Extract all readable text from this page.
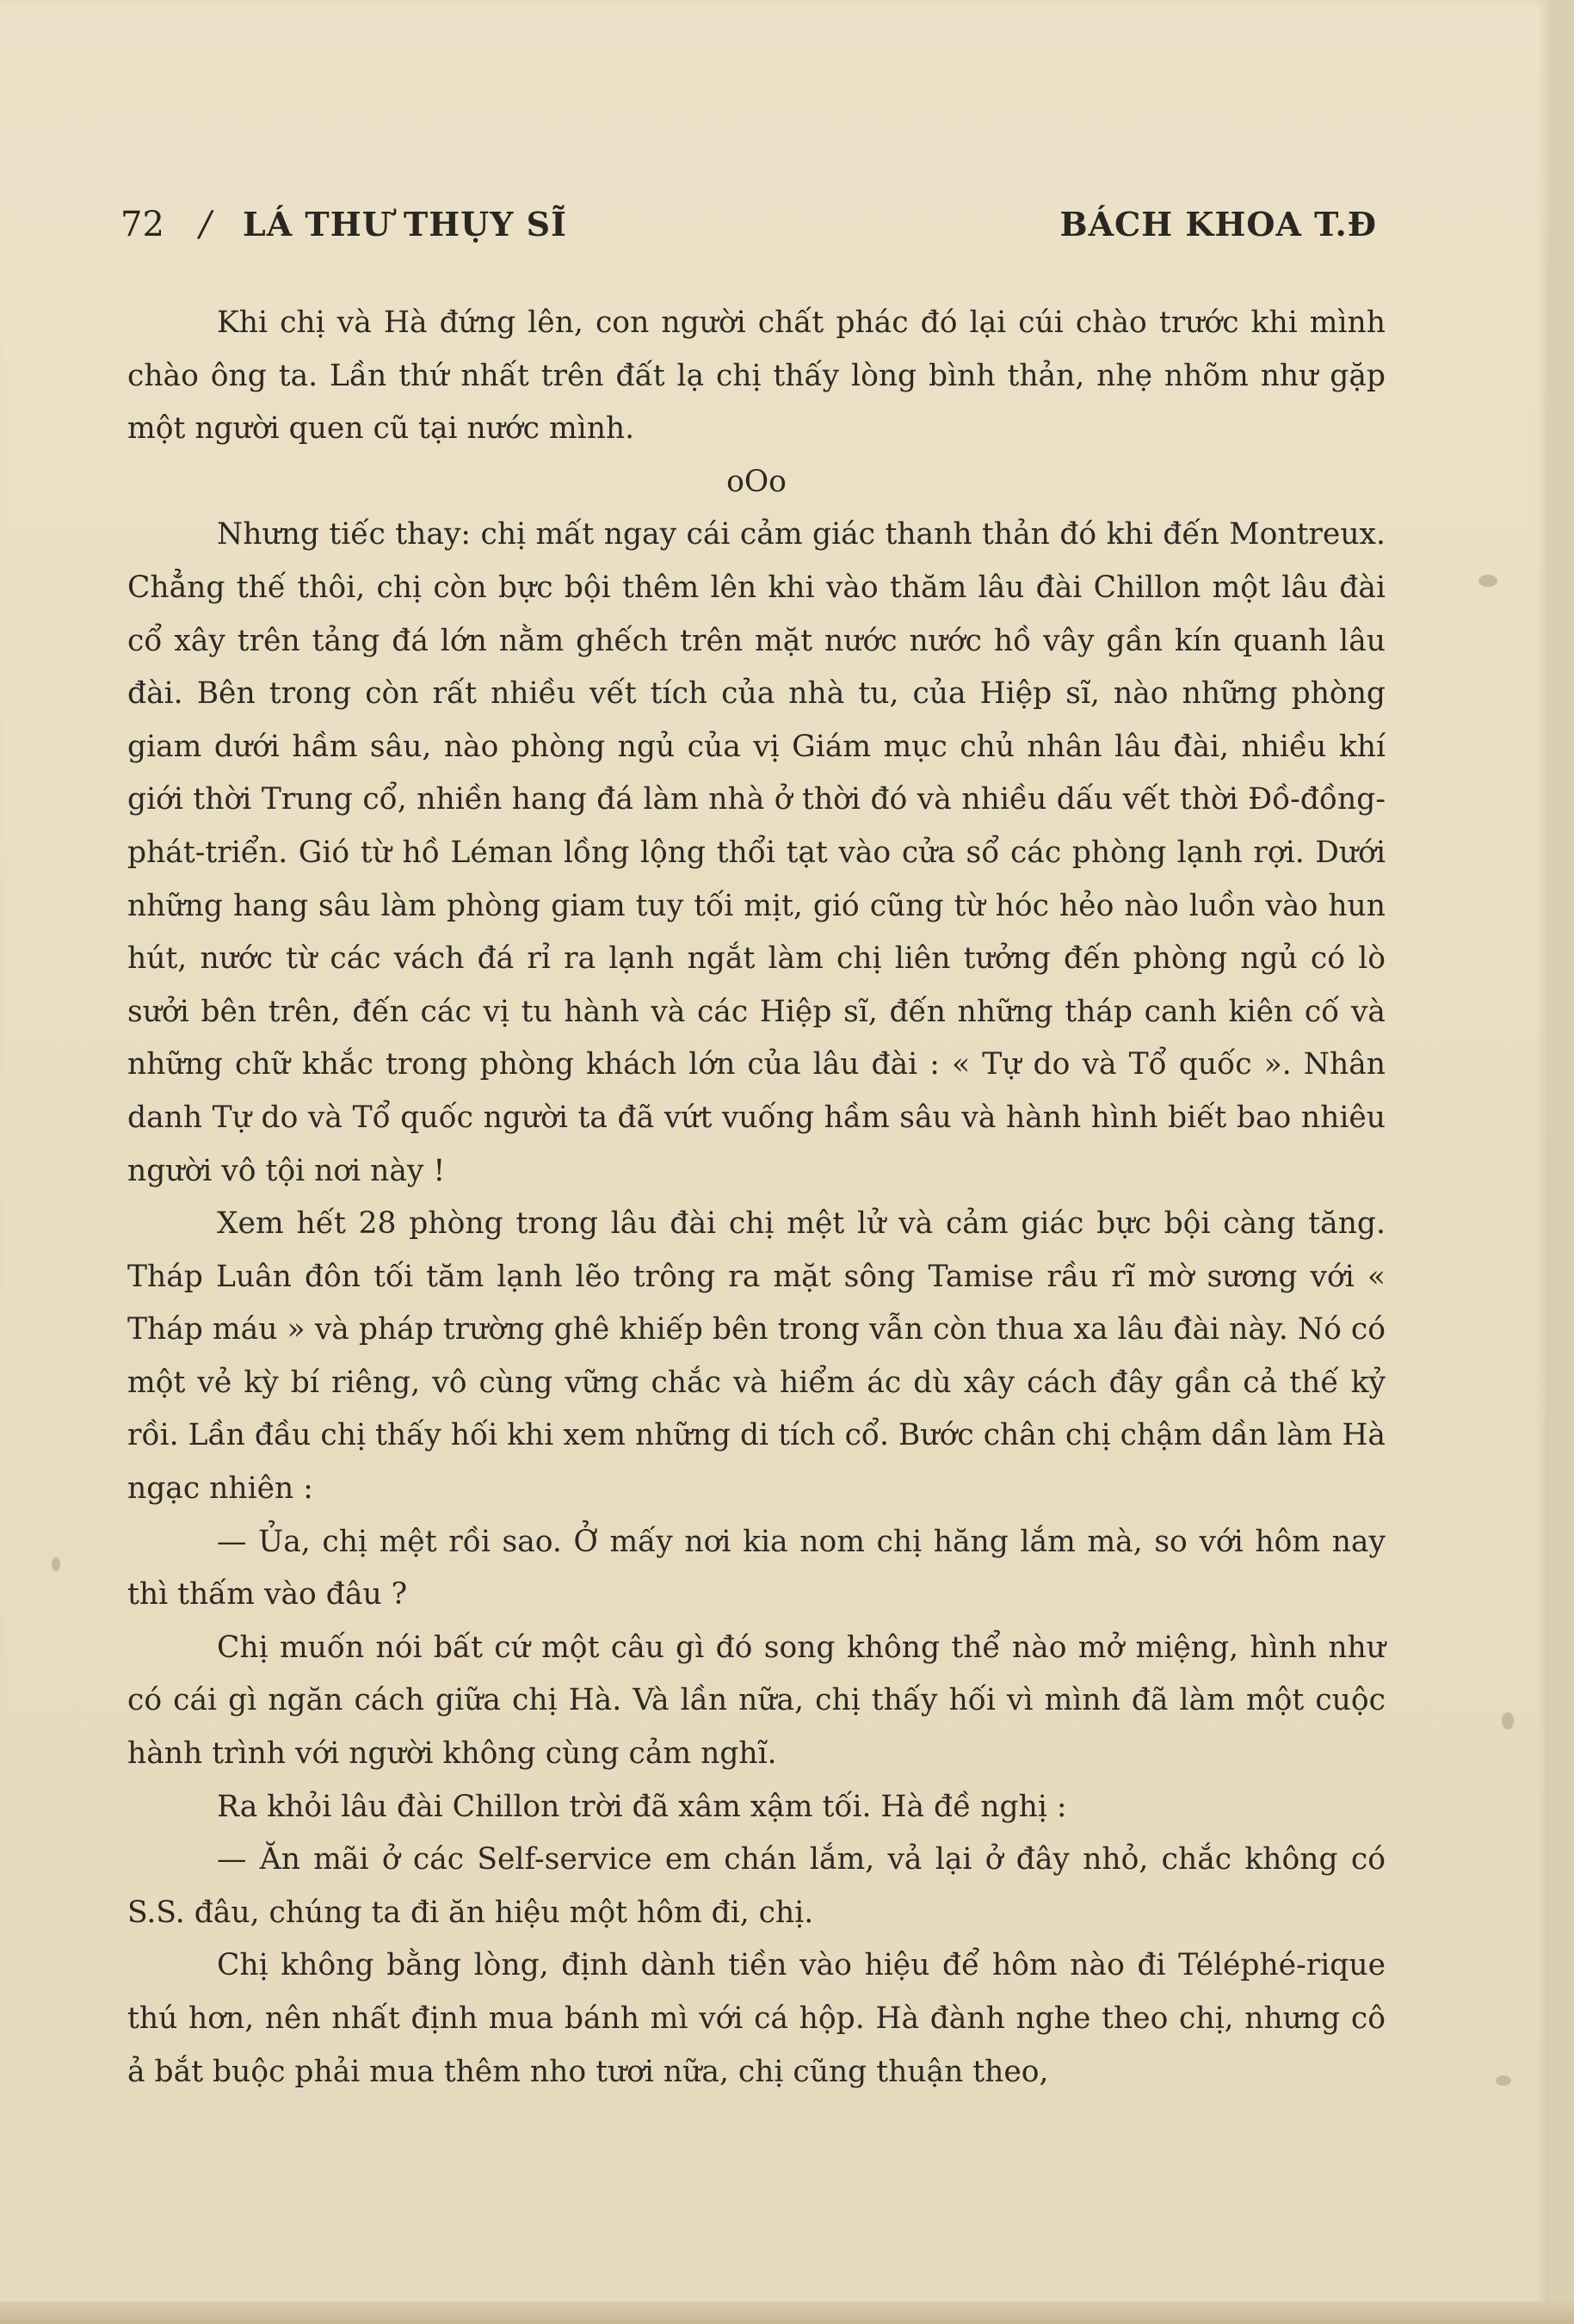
72 / LÁ THƯ THỤY SĨ	BÁCH KHOA T.Đ

Khi chị và Hà đứng lên, con người chất phác đó lại cúi chào trước khi mình chào ông ta. Lần thứ nhất trên đất lạ chị thấy lòng bình thản, nhẹ nhõm như gặp một người quen cũ tại nước mình.

oOo

Nhưng tiếc thay: chị mất ngay cái cảm giác thanh thản đó khi đến Montreux. Chẳng thế thôi, chị còn bực bội thêm lên khi vào thăm lâu đài Chillon một lâu đài cổ xây trên tảng đá lớn nằm ghếch trên mặt nước nước hồ vây gần kín quanh lâu đài. Bên trong còn rất nhiều vết tích của nhà tu, của Hiệp sĩ, nào những phòng giam dưới hầm sâu, nào phòng ngủ của vị Giám mục chủ nhân lâu đài, nhiều khí giới thời Trung cổ, nhiền hang đá làm nhà ở thời đó và nhiều dấu vết thời Đồ-đồng-phát-triển. Gió từ hồ Léman lồng lộng thổi tạt vào cửa sổ các phòng lạnh rợi. Dưới những hang sâu làm phòng giam tuy tối mịt, gió cũng từ hóc hẻo nào luồn vào hun hút, nước từ các vách đá rỉ ra lạnh ngắt làm chị liên tưởng đến phòng ngủ có lò sưởi bên trên, đến các vị tu hành và các Hiệp sĩ, đến những tháp canh kiên cố và những chữ khắc trong phòng khách lớn của lâu đài : « Tự do và Tổ quốc ». Nhân danh Tự do và Tổ quốc người ta đã vứt vuống hầm sâu và hành hình biết bao nhiêu người vô tội nơi này !

Xem hết 28 phòng trong lâu đài chị mệt lử và cảm giác bực bội càng tăng. Tháp Luân đôn tối tăm lạnh lẽo trông ra mặt sông Tamise rầu rĩ mờ sương với « Tháp máu » và pháp trường ghê khiếp bên trong vẫn còn thua xa lâu đài này. Nó có một vẻ kỳ bí riêng, vô cùng vững chắc và hiểm ác dù xây cách đây gần cả thế kỷ rồi. Lần đầu chị thấy hối khi xem những di tích cổ. Bước chân chị chậm dần làm Hà ngạc nhiên :

— Ủa, chị mệt rồi sao. Ở mấy nơi kia nom chị hăng lắm mà, so với hôm nay thì thấm vào đâu ?

Chị muốn nói bất cứ một câu gì đó song không thể nào mở miệng, hình như có cái gì ngăn cách giữa chị Hà. Và lần nữa, chị thấy hối vì mình đã làm một cuộc hành trình với người không cùng cảm nghĩ.

Ra khỏi lâu đài Chillon trời đã xâm xậm tối. Hà đề nghị :

— Ăn mãi ở các Self-service em chán lắm, vả lại ở đây nhỏ, chắc không có S.S. đâu, chúng ta đi ăn hiệu một hôm đi, chị.

Chị không bằng lòng, định dành tiền vào hiệu để hôm nào đi Téléphé-rique thú hơn, nên nhất định mua bánh mì với cá hộp. Hà đành nghe theo chị, nhưng cô ả bắt buộc phải mua thêm nho tươi nữa, chị cũng thuận theo,
